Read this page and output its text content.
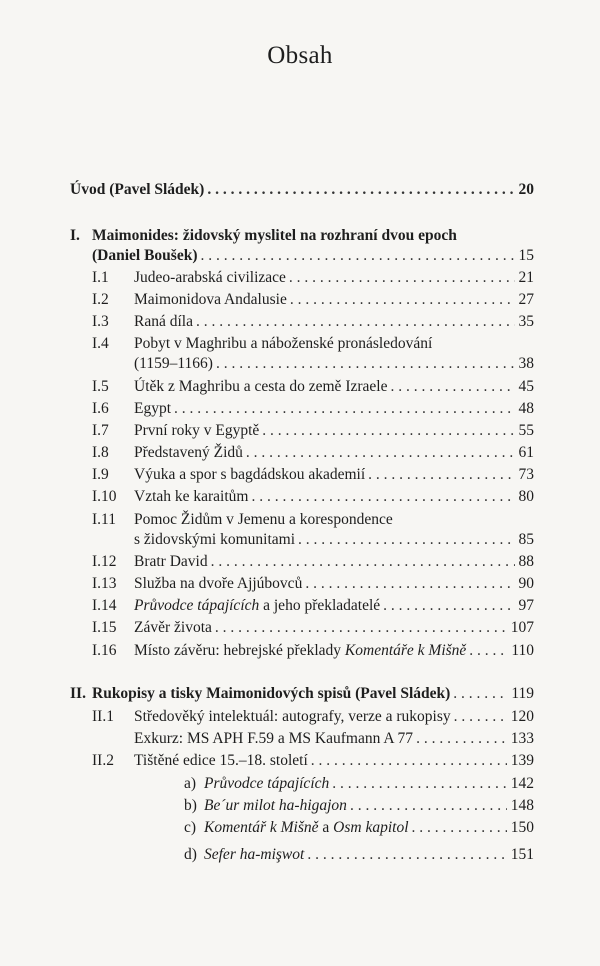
Obsah
Úvod (Pavel Sládek) . . .	20
I. Maimonides: židovský myslitel na rozhraní dvou epoch
(Daniel Boušek) . . .	15
I.1 Judeo-arabská civilizace . . .	21
I.2 Maimonidova Andalusie . . .	27
I.3 Raná díla . . .	35
I.4 Pobyt v Maghribu a náboženské pronásledování
(1159–1166) . . .	38
I.5 Útěk z Maghribu a cesta do země Izraele . . .	45
I.6 Egypt . . .	48
I.7 První roky v Egyptě . . .	55
I.8 Představený Židů . . .	61
I.9 Výuka a spor s bagdádskou akademií . . .	73
I.10 Vztah ke karaitům . . .	80
I.11 Pomoc Židům v Jemenu a korespondence
s židovskými komunitami . . .	85
I.12 Bratr David . . .	88
I.13 Služba na dvoře Ajjúbovců . . .	90
I.14 Průvodce tápajících a jeho překladatelé . . .	97
I.15 Závěr života . . .	107
I.16 Místo závěru: hebrejské překlady Komentáře k Mišně . . .	110
II. Rukopisy a tisky Maimonidových spisů (Pavel Sládek) . . .	119
II.1 Středověký intelektuál: autografy, verze a rukopisy . . .	120
Exkurz: MS APH F.59 a MS Kaufmann A 77 . . .	133
II.2 Tištěné edice 15.–18. století . . .	139
a) Průvodce tápajících . . .	142
b) Be´ur milot ha-higajon . . .	148
c) Komentář k Mišně a Osm kapitol . . .	150
d) Sefer ha-mişwot . . .	151
